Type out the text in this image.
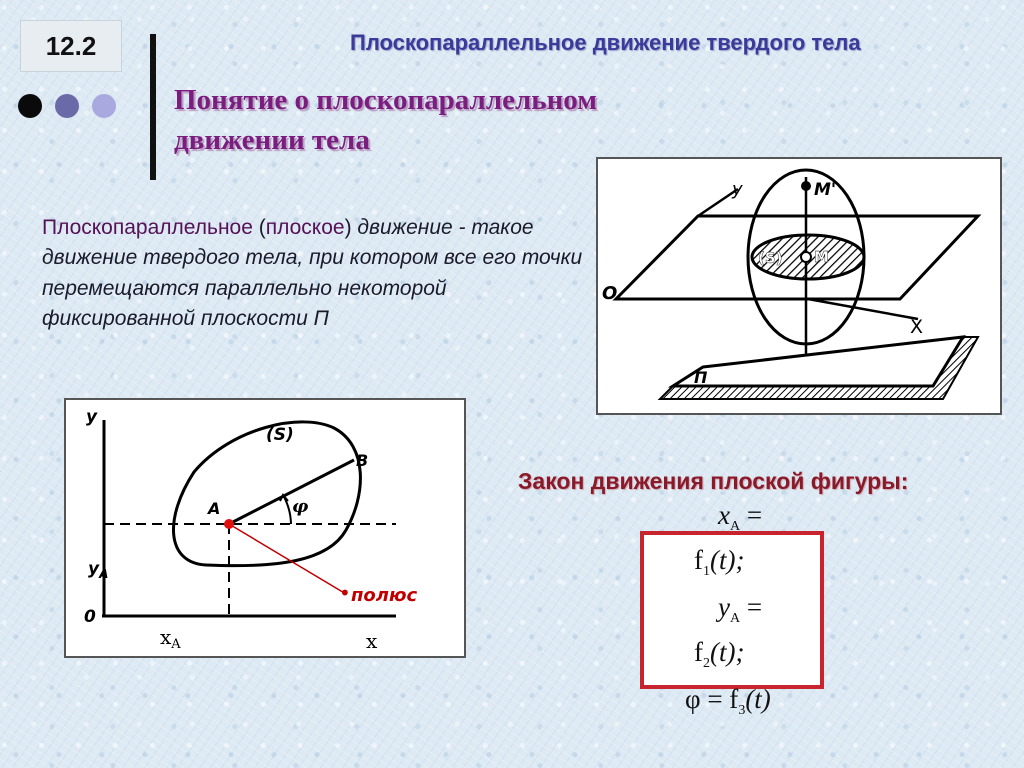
12.2	Плоскопараллельное движение твердого тела
Понятие о плоскопараллельном
движении тела
Плоскопараллельное (плоское) движение - такое движение твердого тела, при котором все его точки перемещаются параллельно некоторой фиксированной плоскости П
y	M'
(S) M
O
X
П
y
(S)
B
A	φ
$y_A$
0
$x_A$	x
• полюс
Закон движения плоской фигуры:
$x_A$ =
$f_1(t)$;
$y_A$ =
$f_2(t)$;
$\varphi = f_3(t)$
